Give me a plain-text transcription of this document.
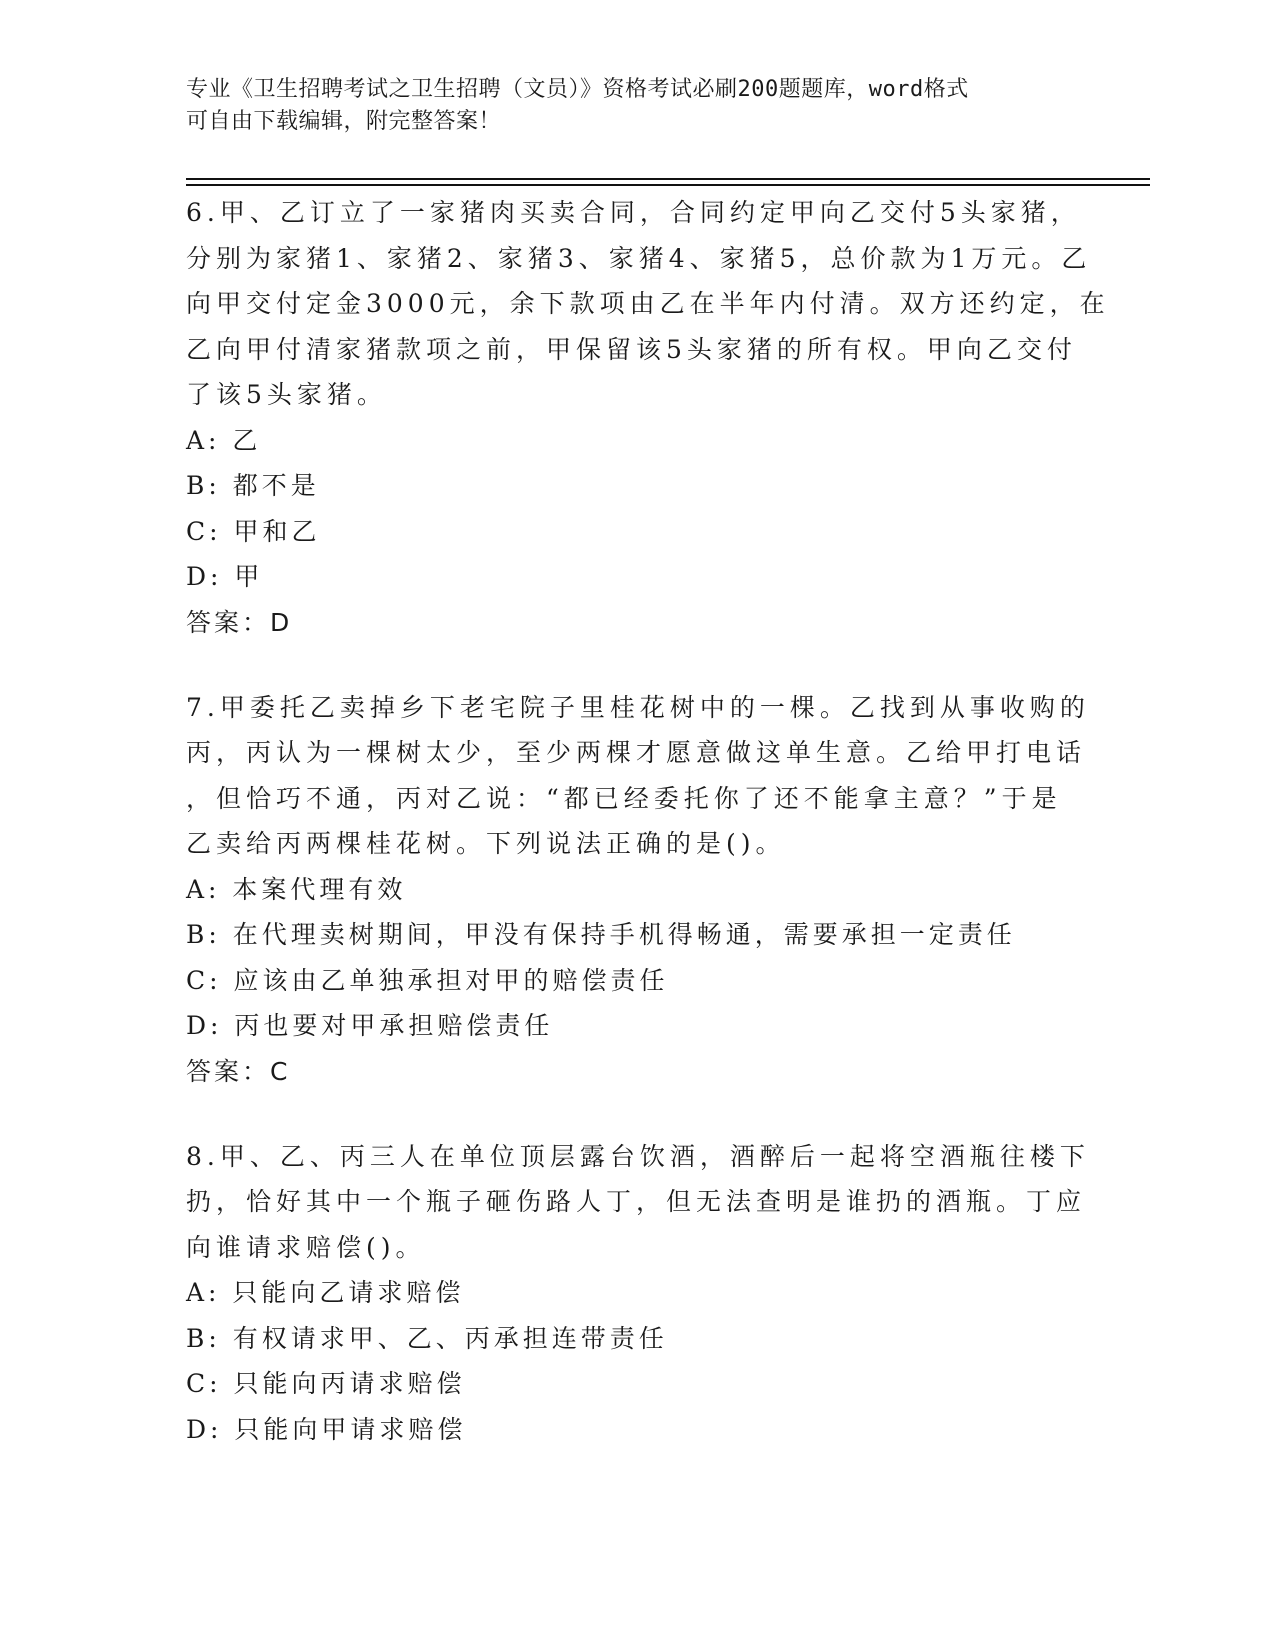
专业《卫生招聘考试之卫生招聘（文员）》资格考试必刷200题题库，word格式
可自由下载编辑，附完整答案！
6.甲、乙订立了一家猪肉买卖合同，合同约定甲向乙交付5头家猪，
分别为家猪1、家猪2、家猪3、家猪4、家猪5，总价款为1万元。乙
向甲交付定金3000元，余下款项由乙在半年内付清。双方还约定，在
乙向甲付清家猪款项之前，甲保留该5头家猪的所有权。甲向乙交付
了该5头家猪。
A: 乙
B: 都不是
C: 甲和乙
D: 甲
答案：D
7.甲委托乙卖掉乡下老宅院子里桂花树中的一棵。乙找到从事收购的
丙，丙认为一棵树太少，至少两棵才愿意做这单生意。乙给甲打电话
，但恰巧不通，丙对乙说：“都已经委托你了还不能拿主意？”于是
乙卖给丙两棵桂花树。下列说法正确的是()。
A: 本案代理有效
B: 在代理卖树期间，甲没有保持手机得畅通，需要承担一定责任
C: 应该由乙单独承担对甲的赔偿责任
D: 丙也要对甲承担赔偿责任
答案：C
8.甲、乙、丙三人在单位顶层露台饮酒，酒醉后一起将空酒瓶往楼下
扔，恰好其中一个瓶子砸伤路人丁，但无法查明是谁扔的酒瓶。丁应
向谁请求赔偿()。
A: 只能向乙请求赔偿
B: 有权请求甲、乙、丙承担连带责任
C: 只能向丙请求赔偿
D: 只能向甲请求赔偿
